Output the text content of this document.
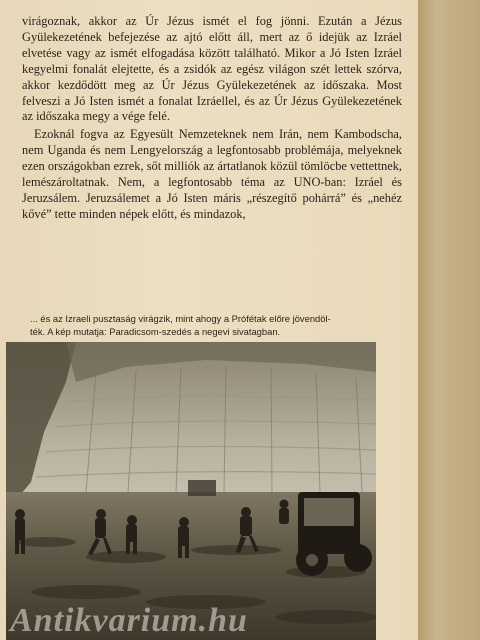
virágoznak, akkor az Úr Jézus ismét el fog jönni. Ezután a Jézus Gyülekezetének befejezése az ajtó előtt áll, mert az ő idejük az Izráel elvetése vagy az ismét elfogadása között található. Mikor a Jó Isten Izráel kegyelmi fonalát elejtette, és a zsidók az egész világon szét lettek szórva, akkor kezdődött meg az Úr Jézus Gyülekezetének az időszaka. Most felveszi a Jó Isten ismét a fonalat Izráellel, és az Úr Jézus Gyülekezetének az időszaka megy a vége felé.

Ezoknál fogva az Egyesült Nemzeteknek nem Irán, nem Kambodscha, nem Uganda és nem Lengyelország a legfontosabb problémája, melyeknek ezen országokban ezrek, sőt milliók az ártatlanok közül tömlöcbe vettettnek, lemészároltatnak. Nem, a legfontosabb téma az UNO-ban: Izráel és Jeruzsálem. Jeruzsálemet a Jó Isten máris „részegítő pohárrá” és „nehéz kővé” tette minden népek előtt, és mindazok,

... és az Izraeli pusztaság virágzik, mint ahogy a Prófétak előre jövendöl-
ték. A kép mutatja: Paradicsom-szedés a negevi sivatagban.
Antikvarium.hu
